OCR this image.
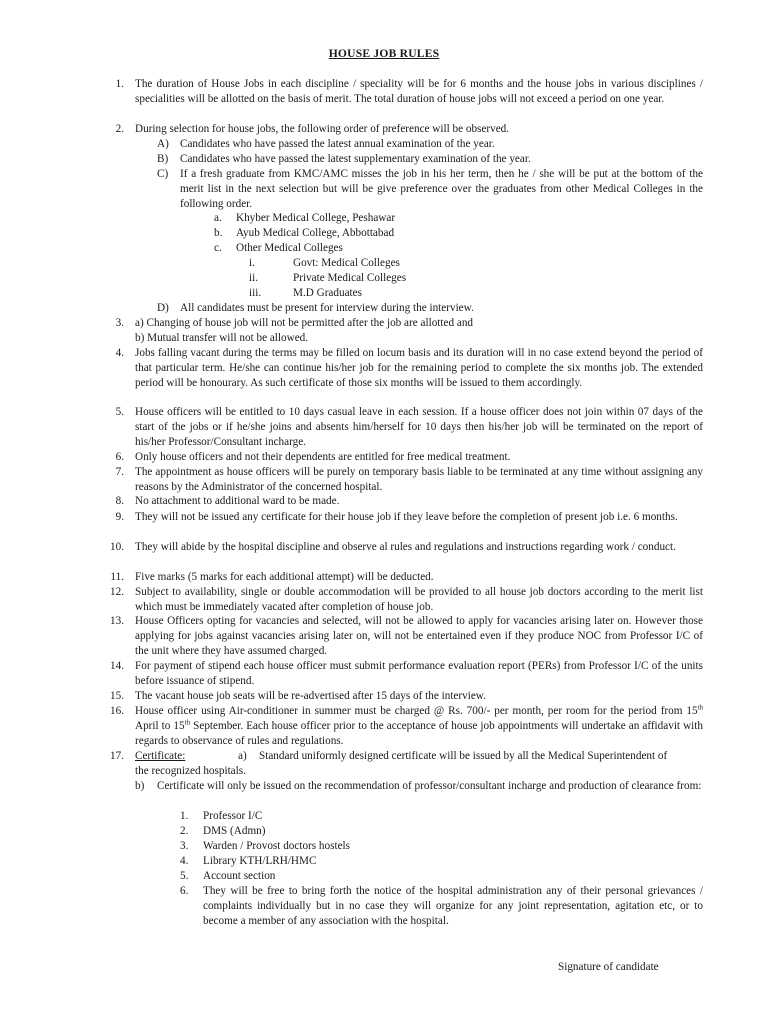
HOUSE JOB RULES
1. The duration of House Jobs in each discipline / speciality will be for 6 months and the house jobs in various disciplines / specialities will be allotted on the basis of merit. The total duration of house jobs will not exceed a period on one year.
2. During selection for house jobs, the following order of preference will be observed.
A) Candidates who have passed the latest annual examination of the year.
B) Candidates who have passed the latest supplementary examination of the year.
C) If a fresh graduate from KMC/AMC misses the job in his her term, then he / she will be put at the bottom of the merit list in the next selection but will be give preference over the graduates from other Medical Colleges in the following order.
a. Khyber Medical College, Peshawar
b. Ayub Medical College, Abbottabad
c. Other Medical Colleges
i.	Govt: Medical Colleges
ii.	Private Medical Colleges
iii.	M.D Graduates
D) All candidates must be present for interview during the interview.
3. a) Changing of house job will not be permitted after the job are allotted and
b) Mutual transfer will not be allowed.
4. Jobs falling vacant during the terms may be filled on locum basis and its duration will in no case extend beyond the period of that particular term. He/she can continue his/her job for the remaining period to complete the six months job. The extended period will be honourary. As such certificate of those six months will be issued to them accordingly.
5. House officers will be entitled to 10 days casual leave in each session. If a house officer does not join within 07 days of the start of the jobs or if he/she joins and absents him/herself for 10 days then his/her job will be terminated on the report of his/her Professor/Consultant incharge.
6. Only house officers and not their dependents are entitled for free medical treatment.
7. The appointment as house officers will be purely on temporary basis liable to be terminated at any time without assigning any reasons by the Administrator of the concerned hospital.
8. No attachment to additional ward to be made.
9. They will not be issued any certificate for their house job if they leave before the completion of present job i.e. 6 months.
10. They will abide by the hospital discipline and observe al rules and regulations and instructions regarding work / conduct.
11. Five marks (5 marks for each additional attempt) will be deducted.
12. Subject to availability, single or double accommodation will be provided to all house job doctors according to the merit list which must be immediately vacated after completion of house job.
13. House Officers opting for vacancies and selected, will not be allowed to apply for vacancies arising later on. However those applying for jobs against vacancies arising later on, will not be entertained even if they produce NOC from Professor I/C of the unit where they have assumed charged.
14. For payment of stipend each house officer must submit performance evaluation report (PERs) from Professor I/C of the units before issuance of stipend.
15. The vacant house job seats will be re-advertised after 15 days of the interview.
16. House officer using Air-conditioner in summer must be charged @ Rs. 700/- per month, per room for the period from 15th April to 15th September. Each house officer prior to the acceptance of house job appointments will undertake an affidavit with regards to observance of rules and regulations.
17. Certificate:	a) Standard uniformly designed certificate will be issued by all the Medical Superintendent of
the recognized hospitals.
b) Certificate will only be issued on the recommendation of professor/consultant incharge and production of clearance from:
1. Professor I/C
2. DMS (Admn)
3. Warden / Provost doctors hostels
4. Library KTH/LRH/HMC
5. Account section
6. They will be free to bring forth the notice of the hospital administration any of their personal grievances / complaints individually but in no case they will organize for any joint representation, agitation etc, or to become a member of any association with the hospital.
Signature of candidate
